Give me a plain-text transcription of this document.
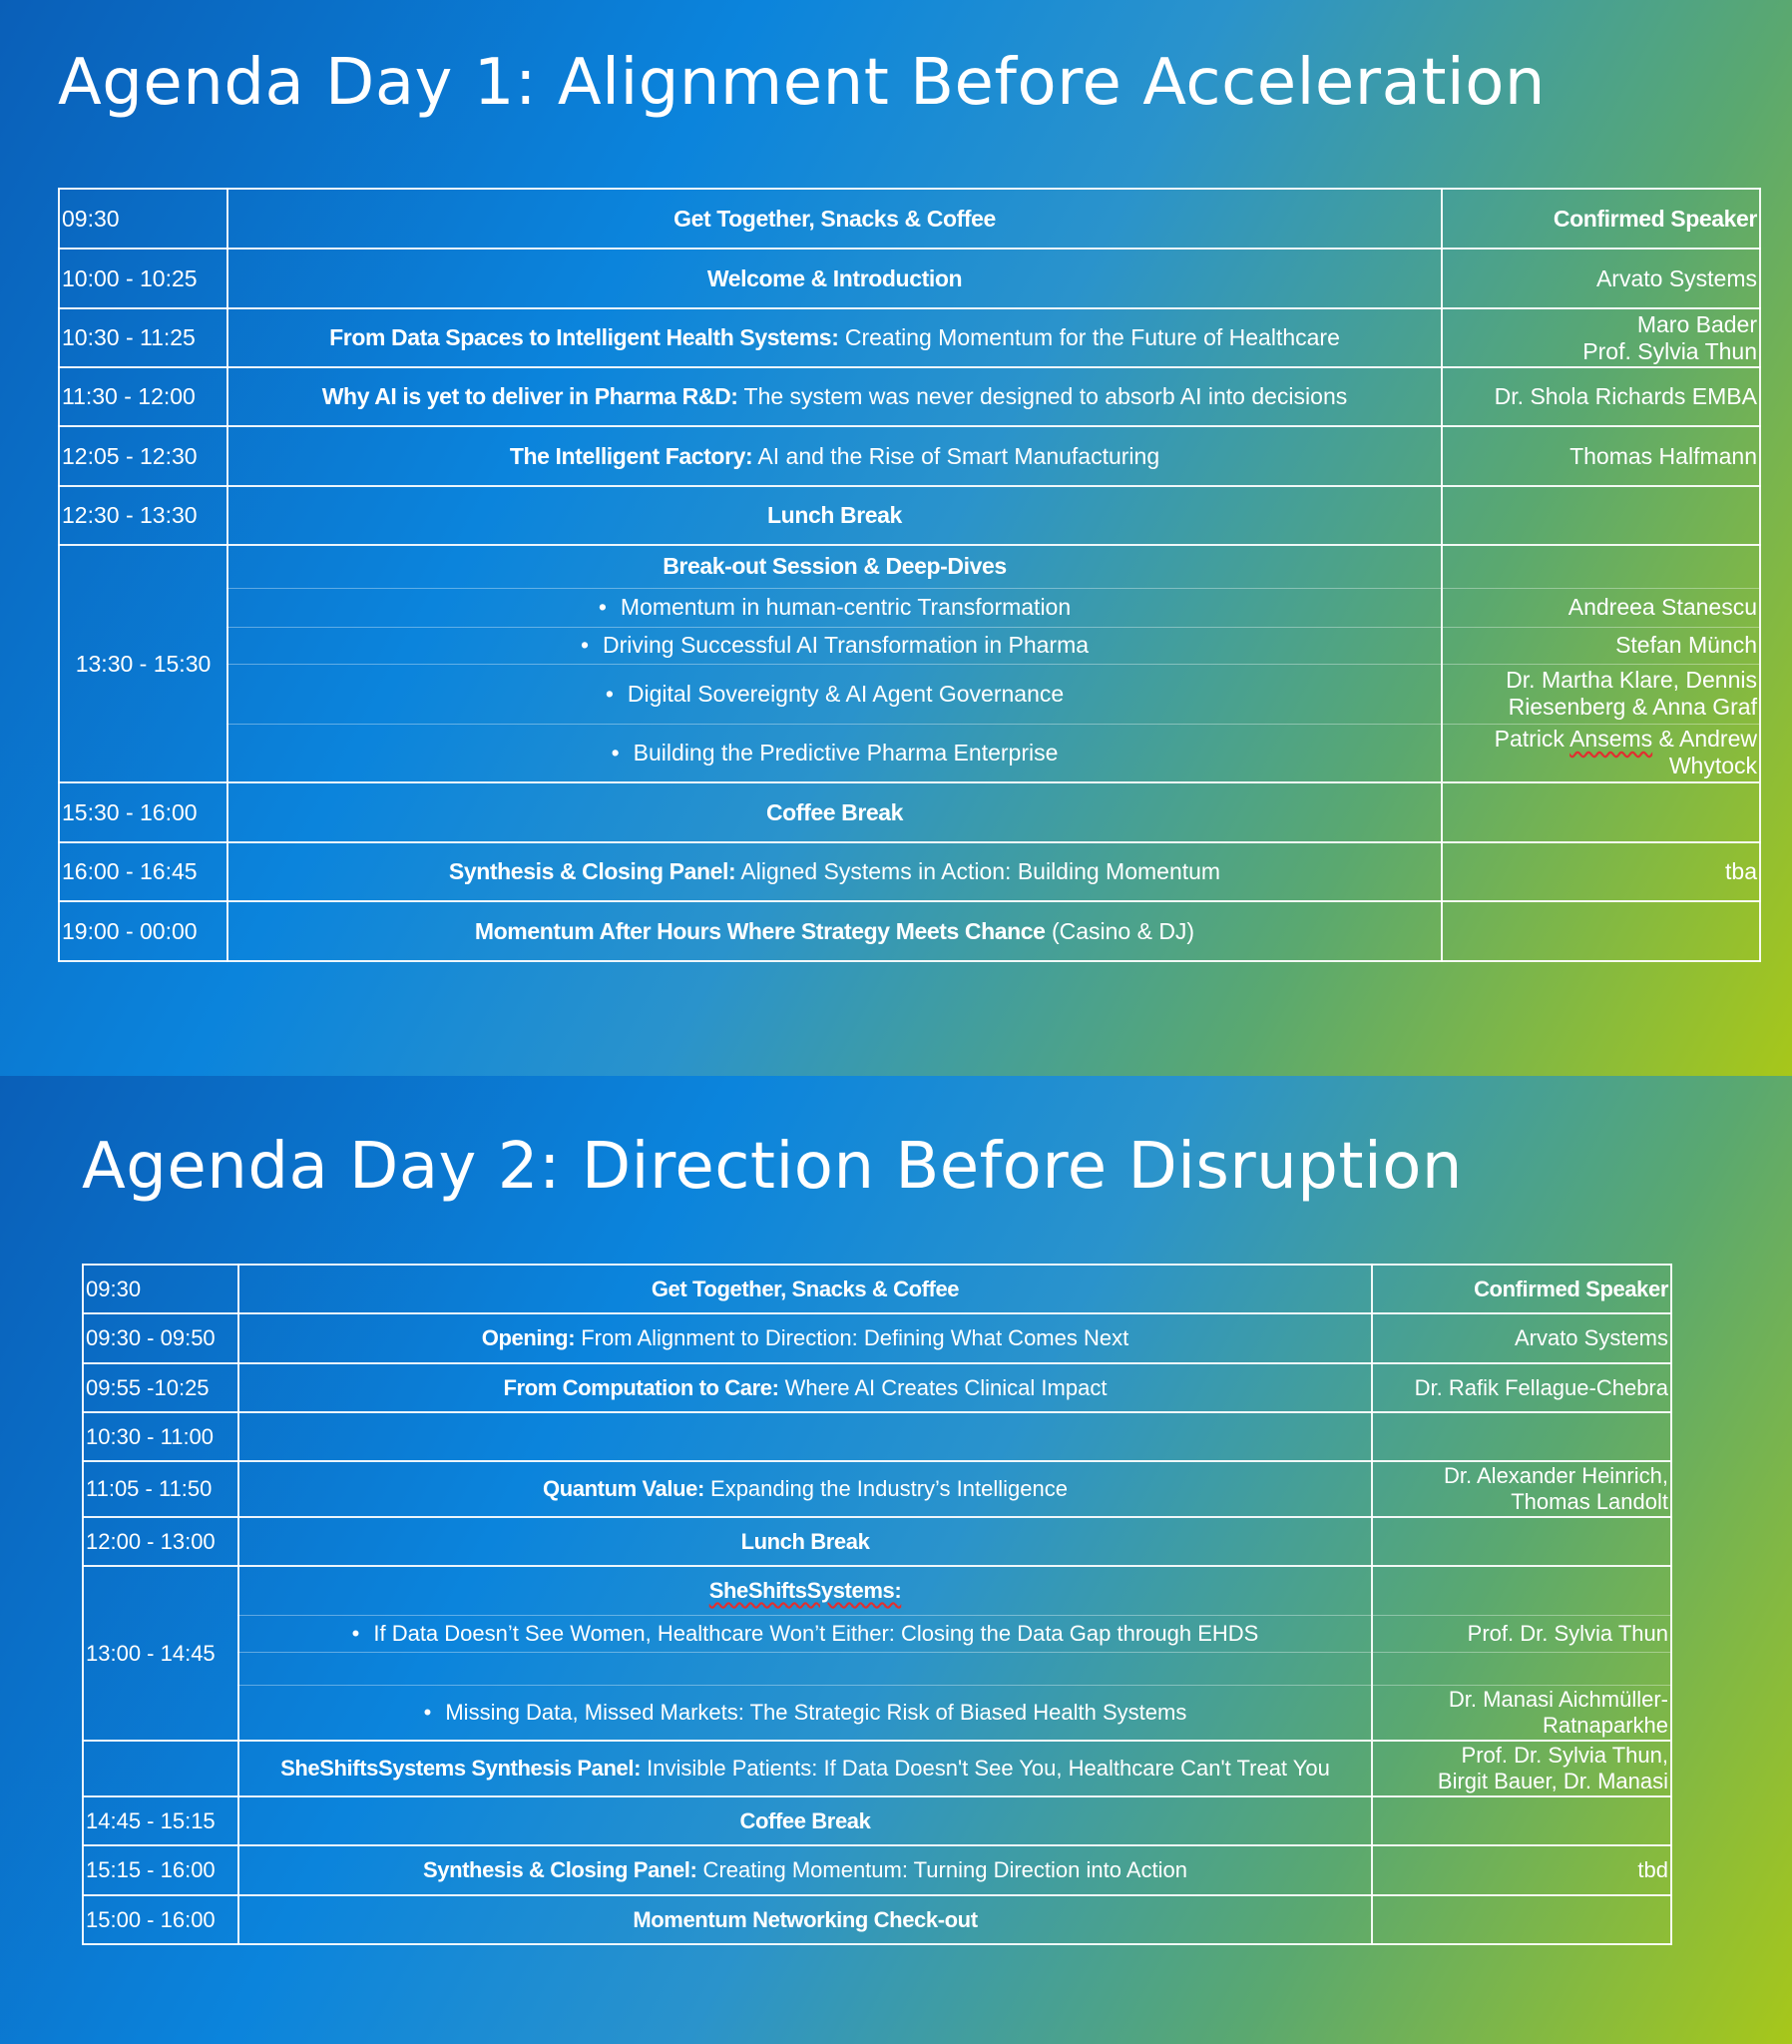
Agenda Day 1: Alignment Before Acceleration
09:30	Get Together, Snacks & Coffee	Confirmed Speaker
10:00 - 10:25	Welcome & Introduction	Arvato Systems
10:30 - 11:25	From Data Spaces to Intelligent Health Systems: Creating Momentum for the Future of Healthcare	Maro Bader
Prof. Sylvia Thun

11:30 - 12:00	Why AI is yet to deliver in Pharma R&D: The system was never designed to absorb AI into decisions	Dr. Shola Richards EMBA
12:05 - 12:30	The Intelligent Factory: AI and the Rise of Smart Manufacturing	Thomas Halfmann
12:30 - 13:30	Lunch Break	
13:30 - 15:30	Break-out Session & Deep-Dives	
	• Momentum in human-centric Transformation	Andreea Stanescu
	• Driving Successful AI Transformation in Pharma	Stefan Münch
	• Digital Sovereignty & AI Agent Governance	Dr. Martha Klare, Dennis
Riesenberg & Anna Graf

	• Building the Predictive Pharma Enterprise	Patrick Ansems & Andrew
Whytock

15:30 - 16:00	Coffee Break	
16:00 - 16:45	Synthesis & Closing Panel: Aligned Systems in Action: Building Momentum	tba
19:00 - 00:00	Momentum After Hours Where Strategy Meets Chance (Casino & DJ)	
Agenda Day 2: Direction Before Disruption
09:30	Get Together, Snacks & Coffee	Confirmed Speaker
09:30 - 09:50	Opening: From Alignment to Direction: Defining What Comes Next	Arvato Systems
09:55 -10:25	From Computation to Care: Where AI Creates Clinical Impact	Dr. Rafik Fellague-Chebra
10:30 - 11:00		
11:05 - 11:50	Quantum Value: Expanding the Industry’s Intelligence	Dr. Alexander Heinrich,
Thomas Landolt

12:00 - 13:00	Lunch Break	
13:00 - 14:45	SheShiftsSystems:	
	• If Data Doesn’t See Women, Healthcare Won’t Either: Closing the Data Gap through EHDS	Prof. Dr. Sylvia Thun

	• Missing Data, Missed Markets: The Strategic Risk of Biased Health Systems	Dr. Manasi Aichmüller-
Ratnaparkhe

	SheShiftsSystems Synthesis Panel: Invisible Patients: If Data Doesn't See You, Healthcare Can't Treat You	Prof. Dr. Sylvia Thun,
Birgit Bauer, Dr. Manasi

14:45 - 15:15	Coffee Break	
15:15 - 16:00	Synthesis & Closing Panel: Creating Momentum: Turning Direction into Action	tbd
15:00 - 16:00	Momentum Networking Check-out	
